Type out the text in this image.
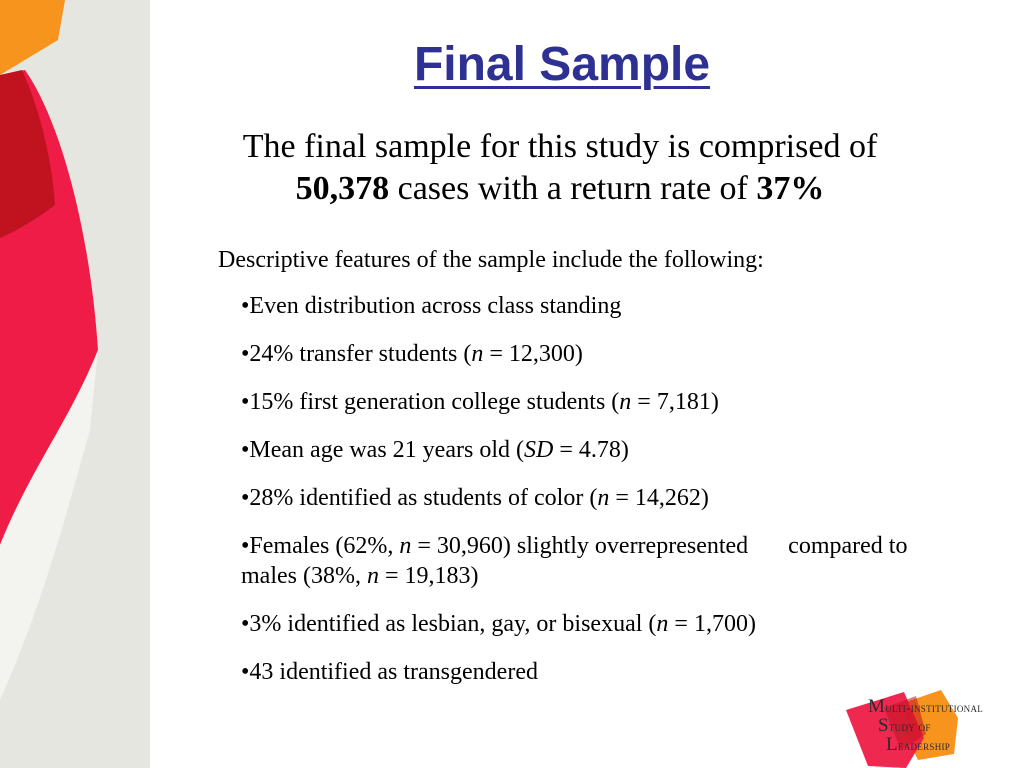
Final Sample
The final sample for this study is comprised of
50,378 cases with a return rate of 37%
Descriptive features of the sample include the following:
•Even distribution across class standing
•24% transfer students (n = 12,300)
•15% first generation college students (n = 7,181)
•Mean age was 21 years old (SD = 4.78)
•28% identified as students of color (n = 14,262)
•Females (62%, n = 30,960) slightly overrepresented compared to
males (38%, n = 19,183)
•3% identified as lesbian, gay, or bisexual (n = 1,700)
•43 identified as transgendered
Multi-institutional
Study of
Leadership
